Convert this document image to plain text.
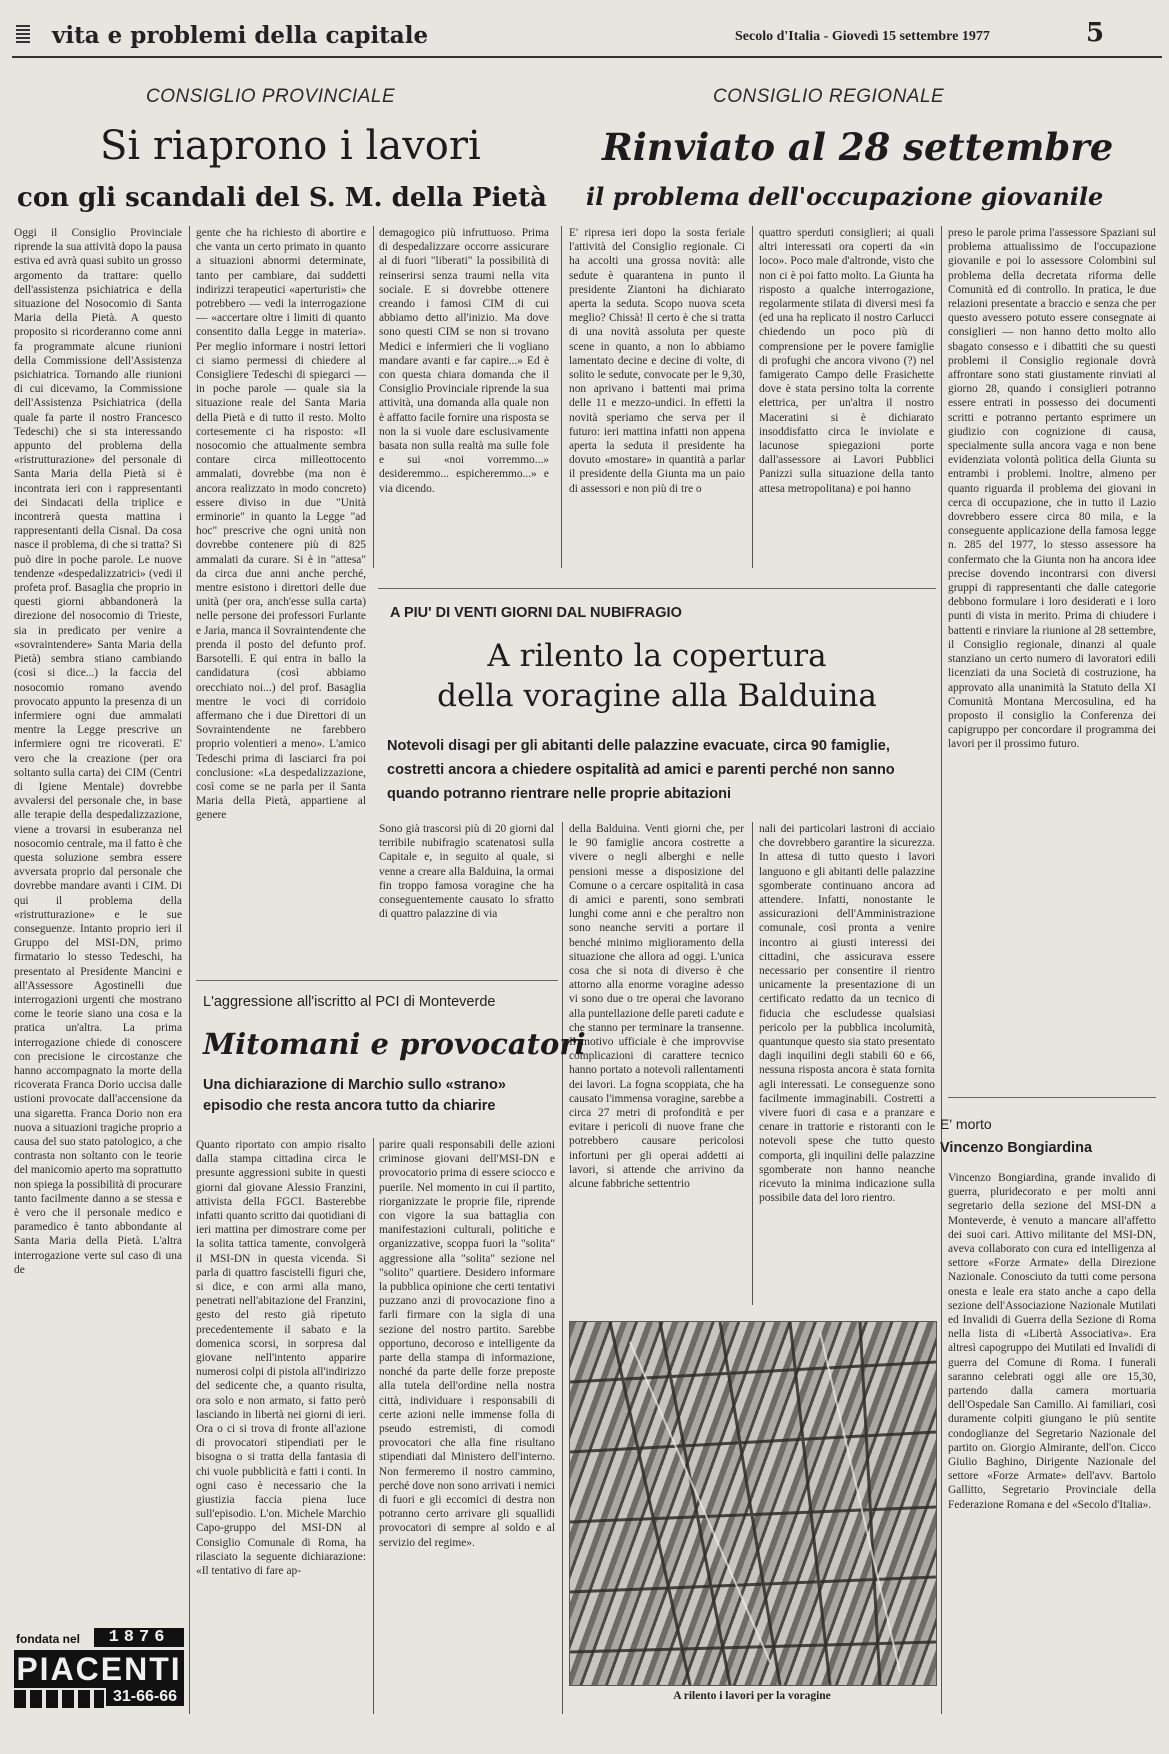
vita e problemi della capitale	Secolo d'Italia - Giovedì 15 settembre 1977	5
CONSIGLIO PROVINCIALE	CONSIGLIO REGIONALE
Si riaprono i lavori	Rinviato al 28 settembre
con gli scandali del S. M. della Pietà	il problema dell'occupazione giovanile
Oggi il Consiglio Provinciale riprende la sua attività dopo la pausa estiva ed avrà quasi subito un grosso argomento da trattare: quello dell'assistenza psichiatrica e della situazione del Nosocomio di Santa Maria della Pietà. A questo proposito si ricorderanno come anni fa programmate alcune riunioni della Commissione dell'Assistenza psichiatrica. Tornando alle riunioni di cui dicevamo, la Commissione dell'Assistenza Psichiatrica (della quale fa parte il nostro Francesco Tedeschi) che si sta interessando appunto del problema della «ristrutturazione» del personale di Santa Maria della Pietà si è incontrata ieri con i rappresentanti dei Sindacati della triplice e incontrerà questa mattina i rappresentanti della Cisnal. Da cosa nasce il problema, di che si tratta? Si può dire in poche parole. Le nuove tendenze «despedalizzatrici» (vedi il profeta prof. Basaglia che proprio in questi giorni abbandonerà la direzione del nosocomio di Trieste, sia in predicato per venire a «sovraintendere» Santa Maria della Pietà) sembra stiano cambiando (così si dice...) la faccia del nosocomio romano avendo provocato appunto la presenza di un infermiere ogni due ammalati mentre la Legge prescrive un infermiere ogni tre ricoverati. E' vero che la creazione (per ora soltanto sulla carta) dei CIM (Centri di Igiene Mentale) dovrebbe avvalersi del personale che, in base alle terapie della despedalizzazione, viene a trovarsi in esuberanza nel nosocomio centrale, ma il fatto è che questa soluzione sembra essere avversata proprio dal personale che dovrebbe mandare avanti i CIM. Di qui il problema della «ristrutturazione» e le sue conseguenze. Intanto proprio ieri il Gruppo del MSI-DN, primo firmatario lo stesso Tedeschi, ha presentato al Presidente Mancini e all'Assessore Agostinelli due interrogazioni urgenti che mostrano come le teorie siano una cosa e la pratica un'altra. La prima interrogazione chiede di conoscere con precisione le circostanze che hanno accompagnato la morte della ricoverata Franca Dorio uccisa dalle ustioni provocate dall'accensione da una sigaretta. Franca Dorio non era nuova a situazioni tragiche proprio a causa del suo stato patologico, a che contrasta non soltanto con le teorie del manicomio aperto ma soprattutto non spiega la possibilità di procurare tanto facilmente danno a se stessa e è vero che il personale medico e paramedico è tanto abbondante al Santa Maria della Pietà. L'altra interrogazione verte sul caso di una de
gente che ha richiesto di abortire e che vanta un certo primato in quanto a situazioni abnormi determinate, tanto per cambiare, dai suddetti indirizzi terapeutici «aperturisti» che potrebbero — vedi la interrogazione — «accertare oltre i limiti di quanto consentito dalla Legge in materia». Per meglio informare i nostri lettori ci siamo permessi di chiedere al Consigliere Tedeschi di spiegarci — in poche parole — quale sia la situazione reale del Santa Maria della Pietà e di tutto il resto. Molto cortesemente ci ha risposto: «Il nosocomio che attualmente sembra contare circa milleottocento ammalati, dovrebbe (ma non è ancora realizzato in modo concreto) essere diviso in due "Unità erminorie" in quanto la Legge "ad hoc" prescrive che ogni unità non dovrebbe contenere più di 825 ammalati da curare. Si è in "attesa" da circa due anni anche perché, mentre esistono i direttori delle due unità (per ora, anch'esse sulla carta) nelle persone dei professori Furlante e Jaria, manca il Sovraintendente che prenda il posto del defunto prof. Barsotelli. E qui entra in ballo la candidatura (così abbiamo orecchiato noi...) del prof. Basaglia mentre le voci di corridoio affermano che i due Direttori di un Sovraintendente ne farebbero proprio volentieri a meno». L'amico Tedeschi prima di lasciarci fra poi conclusione: «La despedalizzazione, così come se ne parla per il Santa Maria della Pietà, appartiene al genere
demagogico più infruttuoso. Prima di despedalizzare occorre assicurare al di fuori "liberati" la possibilità di reinserirsi senza traumi nella vita sociale. E si dovrebbe ottenere creando i famosi CIM di cui abbiamo detto all'inizio. Ma dove sono questi CIM se non si trovano Medici e infermieri che li vogliano mandare avanti e far capire...» Ed è con questa chiara domanda che il Consiglio Provinciale riprende la sua attività, una domanda alla quale non è affatto facile fornire una risposta se non la si vuole dare esclusivamente basata non sulla realtà ma sulle fole e sui «noi vorremmo...» desideremmo... espicheremmo...» e via dicendo.
E' ripresa ieri dopo la sosta feriale l'attività del Consiglio regionale. Ci ha accolti una grossa novità: alle sedute è quarantena in punto il presidente Ziantoni ha dichiarato aperta la seduta. Scopo nuova sceta meglio? Chissà! Il certo è che si tratta di una novità assoluta per queste scene in quanto, a non lo abbiamo lamentato decine e decine di volte, di solito le sedute, convocate per le 9,30, non aprivano i battenti mai prima delle 11 e mezzo-undici. In effetti la novità speriamo che serva per il futuro: ieri mattina infatti non appena aperta la seduta il presidente ha dovuto «mostare» in quantità a parlar il presidente della Giunta ma un paio di assessori e non più di tre o
quattro sperduti consiglieri; ai quali altri interessati ora coperti da «in loco». Poco male d'altronde, visto che non ci è poi fatto molto. La Giunta ha risposto a qualche interrogazione, regolarmente stilata di diversi mesi fa (ed una ha replicato il nostro Carlucci chiedendo un poco più di comprensione per le povere famiglie di profughi che ancora vivono (?) nel famigerato Campo delle Frasichette dove è stata persino tolta la corrente elettrica, per un'altra il nostro Maceratini si è dichiarato insoddisfatto circa le inviolate e lacunose spiegazioni porte dall'assessore ai Lavori Pubblici Panizzi sulla situazione della tanto attesa metropolitana) e poi hanno
preso le parole prima l'assessore Spaziani sul problema attualissimo de l'occupazione giovanile e poi lo assessore Colombini sul problema della decretata riforma delle Comunità ed di controllo. In pratica, le due relazioni presentate a braccio e senza che per questo avessero potuto essere consegnate ai consiglieri — non hanno detto molto allo sbagato consesso e i dibattiti che su questi problemi il Consiglio regionale dovrà affrontare sono stati giustamente rinviati al giorno 28, quando i consiglieri potranno essere entrati in possesso dei documenti scritti e potranno pertanto esprimere un giudizio con cognizione di causa, specialmente sulla ancora vaga e non bene evidenziata volontà politica della Giunta su entrambi i problemi. Inoltre, almeno per quanto riguarda il problema dei giovani in cerca di occupazione, che in tutto il Lazio dovrebbero essere circa 80 mila, e la conseguente applicazione della famosa legge n. 285 del 1977, lo stesso assessore ha confermato che la Giunta non ha ancora idee precise dovendo incontrarsi con diversi gruppi di rappresentanti che dalle categorie debbono formulare i loro desiderati e i loro punti di vista in merito. Prima di chiudere i battenti e rinviare la riunione al 28 settembre, il Consiglio regionale, dinanzi al quale stanziano un certo numero di lavoratori edili licenziati da una Società di costruzione, ha approvato alla unanimità la Statuto della XI Comunità Montana Mercosulina, ed ha proposto il consiglio la Conferenza dei capigruppo per concordare il programma dei lavori per il prossimo futuro.
A PIU' DI VENTI GIORNI DAL NUBIFRAGIO
A rilento la copertura
della voragine alla Balduina
Notevoli disagi per gli abitanti delle palazzine evacuate, circa 90 famiglie, costretti ancora a chiedere ospitalità ad amici e parenti perché non sanno quando potranno rientrare nelle proprie abitazioni
Sono già trascorsi più di 20 giorni dal terribile nubifragio scatenatosi sulla Capitale e, in seguito al quale, si venne a creare alla Balduina, la ormai fin troppo famosa voragine che ha conseguentemente causato lo sfratto di quattro palazzine di via
della Balduina. Venti giorni che, per le 90 famiglie ancora costrette a vivere o negli alberghi e nelle pensioni messe a disposizione del Comune o a cercare ospitalità in casa di amici e parenti, sono sembrati lunghi come anni e che peraltro non sono neanche serviti a portare il benché minimo miglioramento della situazione che allora ad oggi. L'unica cosa che si nota di diverso è che attorno alla enorme voragine adesso vi sono due o tre operai che lavorano alla puntellazione delle pareti cadute e che stanno per terminare la transenne. Il motivo ufficiale è che improvvise complicazioni di carattere tecnico hanno portato a notevoli rallentamenti dei lavori. La fogna scoppiata, che ha causato l'immensa voragine, sarebbe a circa 27 metri di profondità e per evitare i pericoli di nuove frane che potrebbero causare pericolosi infortuni per gli operai addetti ai lavori, si attende che arrivino da alcune fabbriche settentrio
nali dei particolari lastroni di acciaio che dovrebbero garantire la sicurezza. In attesa di tutto questo i lavori languono e gli abitanti delle palazzine sgomberate continuano ancora ad attendere. Infatti, nonostante le assicurazioni dell'Amministrazione comunale, così pronta a venire incontro ai giusti interessi dei cittadini, che assicurava essere necessario per consentire il rientro unicamente la presentazione di un certificato redatto da un tecnico di fiducia che escludesse qualsiasi pericolo per la pubblica incolumità, quantunque questo sia stato presentato dagli inquilini degli stabili 60 e 66, nessuna risposta ancora è stata fornita agli interessati. Le conseguenze sono facilmente immaginabili. Costretti a vivere fuori di casa e a pranzare e cenare in trattorie e ristoranti con le notevoli spese che tutto questo comporta, gli inquilini delle palazzine sgomberate non hanno neanche ricevuto la minima indicazione sulla possibile data del loro rientro.
A rilento i lavori per la voragine
L'aggressione all'iscritto al PCI di Monteverde
Mitomani e provocatori
Una dichiarazione di Marchio sullo «strano» episodio che resta ancora tutto da chiarire
Quanto riportato con ampio risalto dalla stampa cittadina circa le presunte aggressioni subite in questi giorni dal giovane Alessio Franzini, attivista della FGCI. Basterebbe infatti quanto scritto dai quotidiani di ieri mattina per dimostrare come per la solita tattica tamente, convolgerà il MSI-DN in questa vicenda. Si parla di quattro fascistelli figuri che, si dice, e con armi alla mano, penetrati nell'abitazione del Franzini, gesto del resto già ripetuto precedentemente il sabato e la domenica scorsi, in sorpresa dal giovane nell'intento apparire numerosi colpi di pistola all'indirizzo del sedicente che, a quanto risulta, ora solo e non armato, si fatto però lasciando in libertà nei giorni di ieri. Ora o ci si trova di fronte all'azione di provocatori stipendiati per le bisogna o si tratta della fantasia di chi vuole pubblicità e fatti i conti. In ogni caso è necessario che la giustizia faccia piena luce sull'episodio. L'on. Michele Marchio Capo-gruppo del MSI-DN al Consiglio Comunale di Roma, ha rilasciato la seguente dichiarazione: «Il tentativo di fare ap-
parire quali responsabili delle azioni criminose giovani dell'MSI-DN e provocatorio prima di essere sciocco e puerile. Nel momento in cui il partito, riorganizzate le proprie file, riprende con vigore la sua battaglia con manifestazioni culturali, politiche e organizzative, scoppa fuori la "solita" aggressione alla "solita" sezione nel "solito" quartiere. Desidero informare la pubblica opinione che certi tentativi puzzano anzi di provocazione fino a farli firmare con la sigla di una sezione del nostro partito. Sarebbe opportuno, decoroso e intelligente da parte della stampa di informazione, nonché da parte delle forze preposte alla tutela dell'ordine nella nostra città, individuare i responsabili di certe azioni nelle immense folla di pseudo estremisti, di comodi provocatori che alla fine risultano stipendiati dal Ministero dell'interno. Non fermeremo il nostro cammino, perché dove non sono arrivati i nemici di fuori e gli eccomici di destra non potranno certo arrivare gli squallidi provocatori di sempre al soldo e al servizio del regime».
E' morto
Vincenzo Bongiardina
Vincenzo Bongiardina, grande invalido di guerra, pluridecorato e per molti anni segretario della sezione del MSI-DN a Monteverde, è venuto a mancare all'affetto dei suoi cari. Attivo militante del MSI-DN, aveva collaborato con cura ed intelligenza al settore «Forze Armate» della Direzione Nazionale. Conosciuto da tutti come persona onesta e leale era stato anche a capo della sezione dell'Associazione Nazionale Mutilati ed Invalidi di Guerra della Sezione di Roma nella lista di «Libertà Associativa». Era altresì capogruppo dei Mutilati ed Invalidi di guerra del Comune di Roma. I funerali saranno celebrati oggi alle ore 15,30, partendo dalla camera mortuaria dell'Ospedale San Camillo. Ai familiari, così duramente colpiti giungano le più sentite condoglianze del Segretario Nazionale del partito on. Giorgio Almirante, dell'on. Cicco Giulio Baghino, Dirigente Nazionale del settore «Forze Armate» dell'avv. Bartolo Gallitto, Segretario Provinciale della Federazione Romana e del «Secolo d'Italia».
fondata nel	1876
PIACENTI
31-66-66
